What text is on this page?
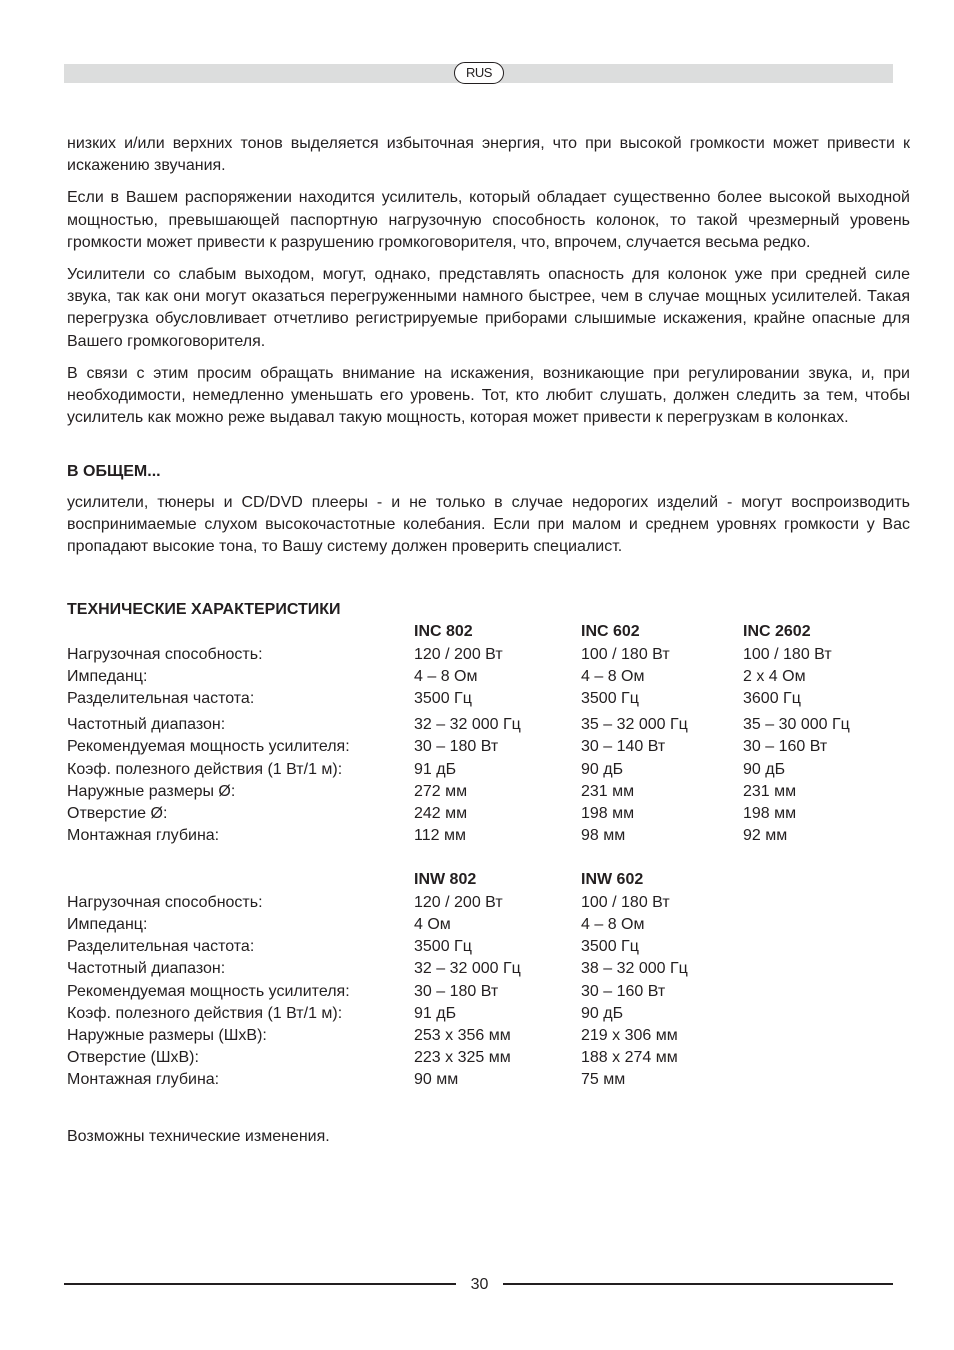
RUS

низких и/или верхних тонов выделяется избыточная энергия, что при высокой громкости может привести к искажению звучания.

Если в Вашем распоряжении находится усилитель, который обладает существенно более высокой выходной мощностью, превышающей паспортную нагрузочную способность колонок, то такой чрезмерный уровень громкости может привести к разрушению громкоговорителя, что, впрочем, случается весьма редко.

Усилители со слабым выходом, могут, однако, представлять опасность для колонок уже при средней силе звука, так как они могут оказаться перегруженными намного быстрее, чем в случае мощных усилителей. Такая перегрузка обусловливает отчетливо регистрируемые приборами слышимые искажения, крайне опасные для Вашего громкоговорителя.

В связи с этим просим обращать внимание на искажения, возникающие при регулировании звука, и, при необходимости, немедленно уменьшать его уровень. Тот, кто любит слушать, должен следить за тем, чтобы усилитель как можно реже выдавал такую мощность, которая может привести к перегрузкам в колонках.

В ОБЩЕМ...

усилители, тюнеры и CD/DVD плееры - и не только в случае недорогих изделий - могут воспроизводить воспринимаемые слухом высокочастотные колебания. Если при малом и среднем уровнях громкости у Вас пропадают высокие тона, то Вашу систему должен проверить специалист.

ТЕХНИЧЕСКИЕ ХАРАКТЕРИСТИКИ
	INC 802	INC 602	INC 2602
Нагрузочная способность:	120 / 200 Вт	100 / 180 Вт	100 / 180 Вт
Импеданц:	4 – 8 Ом	4 – 8 Ом	2 x 4 Ом
Разделительная частота:	3500 Гц	3500 Гц	3600 Гц
Частотный диапазон:	32 – 32 000 Гц	35 – 32 000 Гц	35 – 30 000 Гц
Рекомендуемая мощность усилителя:	30 – 180 Вт	30 – 140 Вт	30 – 160 Вт
Коэф. полезного действия (1 Вт/1 м):	91 дБ	90 дБ	90 дБ
Наружные размеры Ø:	272 мм	231 мм	231 мм
Отверстие Ø:	242 мм	198 мм	198 мм
Монтажная глубина:	112 мм	98 мм	92 мм
	INW 802	INW 602	
Нагрузочная способность:	120 / 200 Вт	100 / 180 Вт	
Импеданц:	4 Ом	4 – 8 Ом	
Разделительная частота:	3500 Гц	3500 Гц	
Частотный диапазон:	32 – 32 000 Гц	38 – 32 000 Гц	
Рекомендуемая мощность усилителя:	30 – 180 Вт	30 – 160 Вт	
Коэф. полезного действия (1 Вт/1 м):	91 дБ	90 дБ	
Наружные размеры (ШxВ):	253 x 356 мм	219 x 306 мм	
Отверстие (ШxВ):	223 x 325 мм	188 x 274 мм	
Монтажная глубина:	90 мм	75 мм	
Возможны технические изменения.
30
